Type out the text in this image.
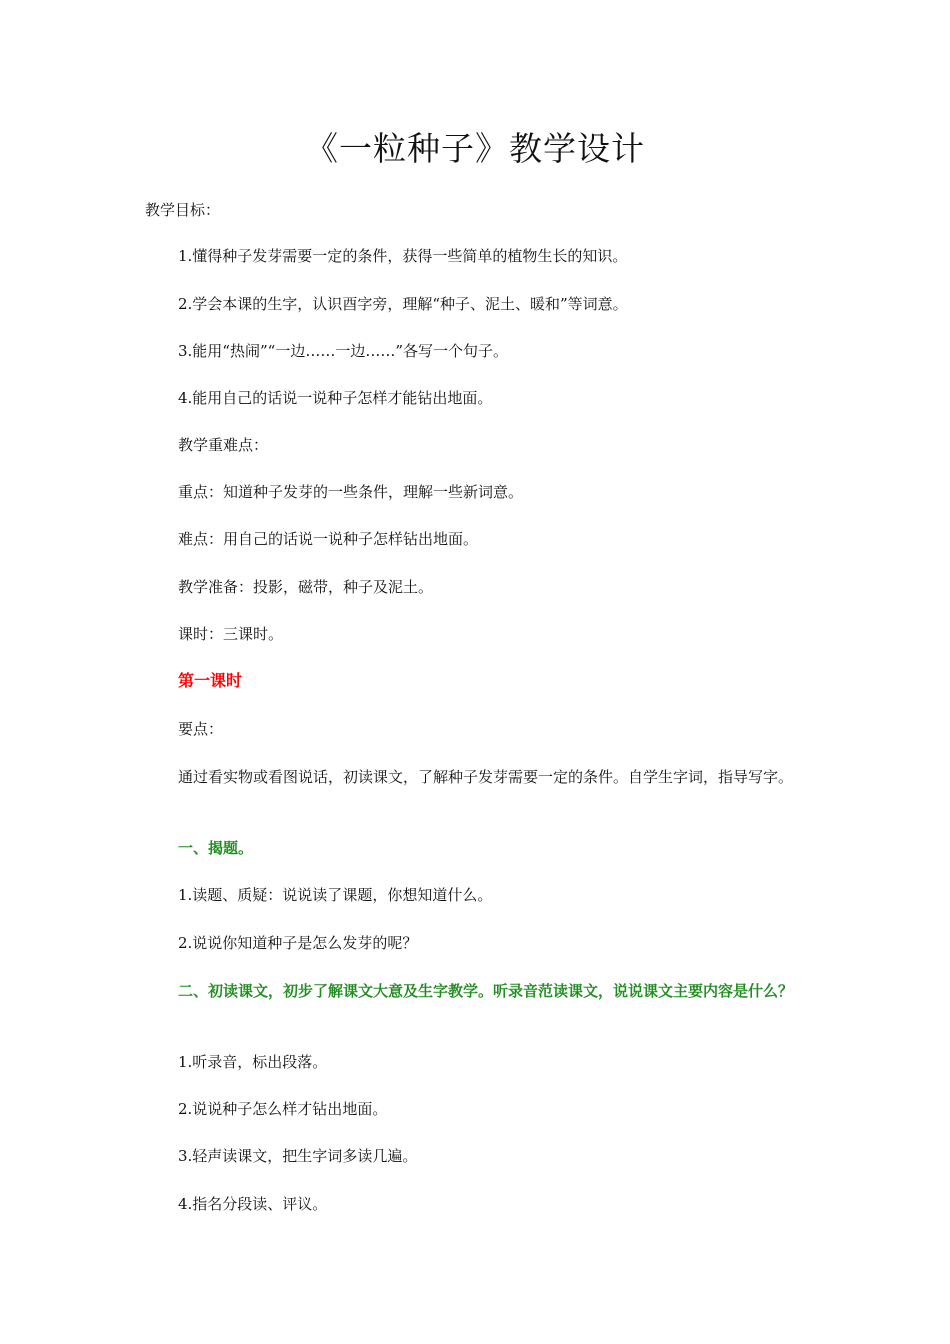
《一粒种子》教学设计
教学目标：
1.懂得种子发芽需要一定的条件，获得一些简单的植物生长的知识。
2.学会本课的生字，认识酉字旁，理解“种子、泥土、暖和”等词意。
3.能用“热闹”“一边……一边……”各写一个句子。
4.能用自己的话说一说种子怎样才能钻出地面。
教学重难点：
重点：知道种子发芽的一些条件，理解一些新词意。
难点：用自己的话说一说种子怎样钻出地面。
教学准备：投影，磁带，种子及泥土。
课时：三课时。
第一课时
要点：
通过看实物或看图说话，初读课文，了解种子发芽需要一定的条件。自学生字词，指导写字。
一、揭题。
1.读题、质疑：说说读了课题，你想知道什么。
2.说说你知道种子是怎么发芽的呢？
二、初读课文，初步了解课文大意及生字教学。听录音范读课文，说说课文主要内容是什么？
1.听录音，标出段落。
2.说说种子怎么样才钻出地面。
3.轻声读课文，把生字词多读几遍。
4.指名分段读、评议。
